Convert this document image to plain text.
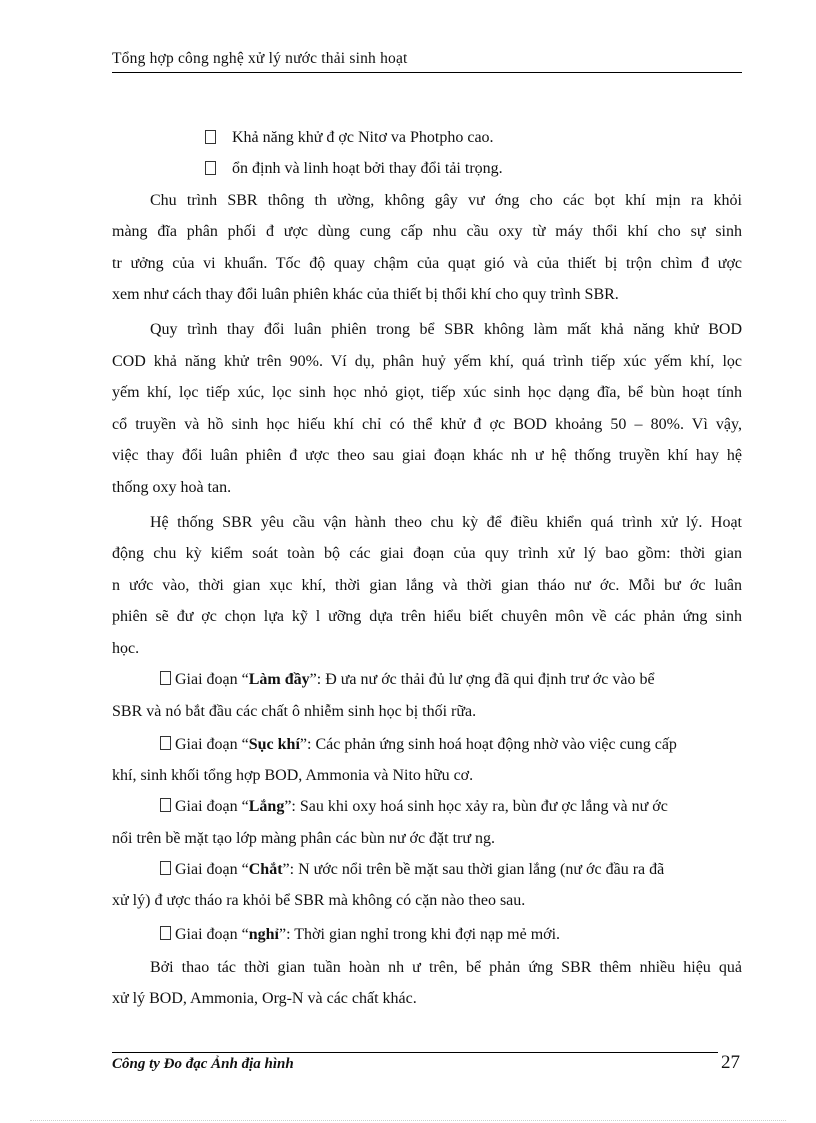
Tổng hợp công nghệ xử lý nước thải sinh hoạt
Khả năng khử đ ợc Nitơ va Photpho cao.
ổn định và linh hoạt bởi thay đổi tải trọng.
Chu trình SBR thông th ường, không gây vư ớng cho các bọt khí mịn ra khỏi
màng đĩa phân phối đ ược dùng cung cấp nhu cầu oxy từ máy thổi khí cho sự sinh
tr ưởng của vi khuẩn. Tốc độ quay chậm của quạt gió và của thiết bị trộn chìm đ ược
xem như cách thay đổi luân phiên khác của thiết bị thổi khí cho quy trình SBR.
Quy trình thay đổi luân phiên trong bể SBR không làm mất khả năng khử BOD
COD khả năng khử trên 90%. Ví dụ, phân huỷ yếm khí, quá trình tiếp xúc yếm khí, lọc
yếm khí, lọc tiếp xúc, lọc sinh học nhỏ giọt, tiếp xúc sinh học dạng đĩa, bể bùn hoạt tính
cổ truyền và hồ sinh học hiếu khí chỉ có thể khử đ ợc BOD khoảng 50 – 80%. Vì vậy,
việc thay đổi luân phiên đ ược theo sau giai đoạn khác nh ư hệ thống truyền khí hay hệ
thống oxy hoà tan.
Hệ thống SBR yêu cầu vận hành theo chu kỳ để điều khiển quá trình xử lý. Hoạt
động chu kỳ kiểm soát toàn bộ các giai đoạn của quy trình xử lý bao gồm: thời gian
n ước vào, thời gian xục khí, thời gian lắng và thời gian tháo nư ớc. Mỗi bư ớc luân
phiên sẽ đư ợc chọn lựa kỹ l ưỡng dựa trên hiểu biết chuyên môn về các phản ứng sinh
học.
Giai đoạn “Làm đầy”: Đ ưa nư ớc thải đủ lư ợng đã qui định trư ớc vào bể
SBR và nó bắt đầu các chất ô nhiễm sinh học bị thối rữa.
Giai đoạn “Sục khí”: Các phản ứng sinh hoá hoạt động nhờ vào việc cung cấp
khí, sinh khối tổng hợp BOD, Ammonia và Nito hữu cơ.
Giai đoạn “Lắng”: Sau khi oxy hoá sinh học xảy ra, bùn đư ợc lắng và nư ớc
nổi trên bề mặt tạo lớp màng phân các bùn nư ớc đặt trư ng.
Giai đoạn “Chắt”: N ước nổi trên bề mặt sau thời gian lắng (nư ớc đầu ra đã
xử lý) đ ược tháo ra khỏi bể SBR mà không có cặn nào theo sau.
Giai đoạn “nghỉ”: Thời gian nghỉ trong khi đợi nạp mẻ mới.
Bởi thao tác thời gian tuần hoàn nh ư trên, bể phản ứng SBR thêm nhiều hiệu quả
xử lý BOD, Ammonia, Org-N và các chất khác.
Công ty Đo đạc Ảnh địa hình	27
